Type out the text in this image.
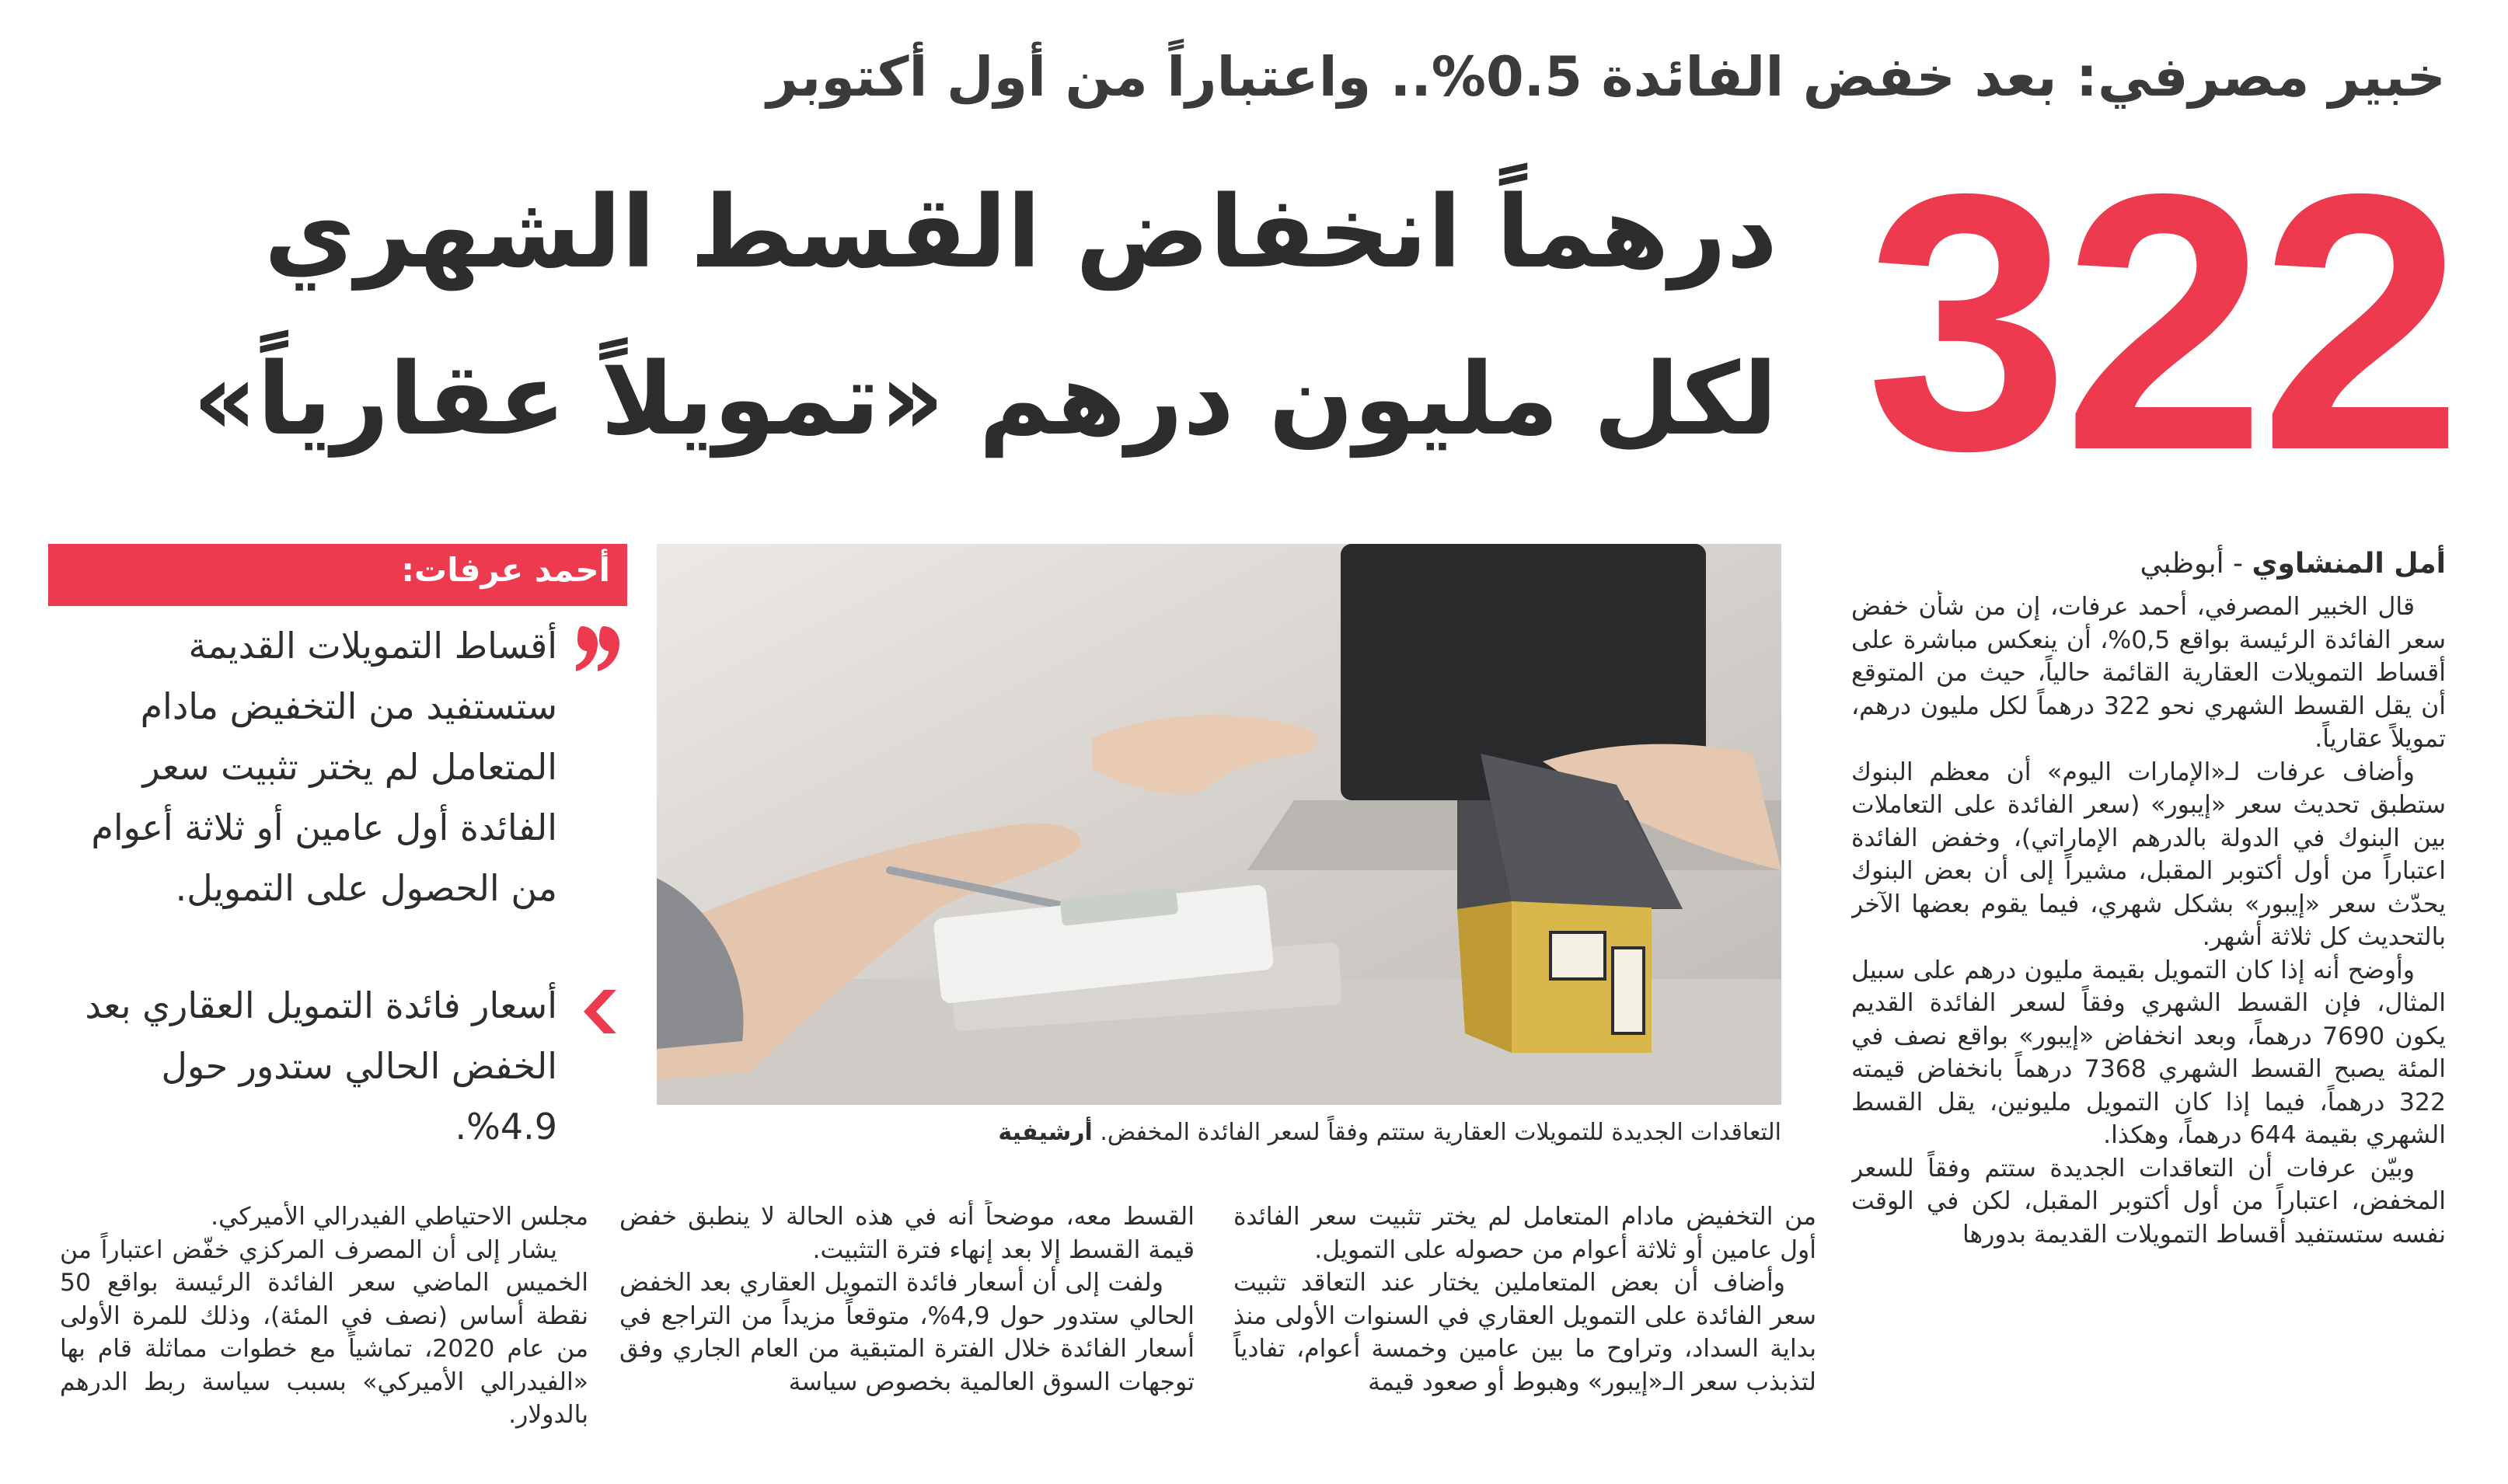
خبير مصرفي: بعد خفض الفائدة 0.5%.. واعتباراً من أول أكتوبر
322
درهماً انخفاض القسط الشهري
لكل مليون درهم «تمويلاً عقارياً»
أمل المنشاوي - أبوظبي

قال الخبير المصرفي، أحمد عرفات، إن من شأن خفض سعر الفائدة الرئيسة بواقع 0,5%، أن ينعكس مباشرة على أقساط التمويلات العقارية القائمة حالياً، حيث من المتوقع أن يقل القسط الشهري نحو 322 درهماً لكل مليون درهم، تمويلاً عقارياً.

وأضاف عرفات لـ«الإمارات اليوم» أن معظم البنوك ستطبق تحديث سعر «إيبور» (سعر الفائدة على التعاملات بين البنوك في الدولة بالدرهم الإماراتي)، وخفض الفائدة اعتباراً من أول أكتوبر المقبل، مشيراً إلى أن بعض البنوك يحدّث سعر «إيبور» بشكل شهري، فيما يقوم بعضها الآخر بالتحديث كل ثلاثة أشهر.

وأوضح أنه إذا كان التمويل بقيمة مليون درهم على سبيل المثال، فإن القسط الشهري وفقاً لسعر الفائدة القديم يكون 7690 درهماً، وبعد انخفاض «إيبور» بواقع نصف في المئة يصبح القسط الشهري 7368 درهماً بانخفاض قيمته 322 درهماً، فيما إذا كان التمويل مليونين، يقل القسط الشهري بقيمة 644 درهماً، وهكذا.

وبيّن عرفات أن التعاقدات الجديدة ستتم وفقاً للسعر المخفض، اعتباراً من أول أكتوبر المقبل، لكن في الوقت نفسه ستستفيد أقساط التمويلات القديمة بدورها

التعاقدات الجديدة للتمويلات العقارية ستتم وفقاً لسعر الفائدة المخفض. أرشيفية
أحمد عرفات:
أقساط التمويلات القديمة ستستفيد من التخفيض مادام المتعامل لم يختر تثبيت سعر الفائدة أول عامين أو ثلاثة أعوام من الحصول على التمويل.
أسعار فائدة التمويل العقاري بعد الخفض الحالي ستدور حول 4.9%.

من التخفيض مادام المتعامل لم يختر تثبيت سعر الفائدة أول عامين أو ثلاثة أعوام من حصوله على التمويل.

وأضاف أن بعض المتعاملين يختار عند التعاقد تثبيت سعر الفائدة على التمويل العقاري في السنوات الأولى منذ بداية السداد، وتراوح ما بين عامين وخمسة أعوام، تفادياً لتذبذب سعر الـ«إيبور» وهبوط أو صعود قيمة

القسط معه، موضحاً أنه في هذه الحالة لا ينطبق خفض قيمة القسط إلا بعد إنهاء فترة التثبيت.

ولفت إلى أن أسعار فائدة التمويل العقاري بعد الخفض الحالي ستدور حول 4,9%، متوقعاً مزيداً من التراجع في أسعار الفائدة خلال الفترة المتبقية من العام الجاري وفق توجهات السوق العالمية بخصوص سياسة

مجلس الاحتياطي الفيدرالي الأميركي.

يشار إلى أن المصرف المركزي خفّض اعتباراً من الخميس الماضي سعر الفائدة الرئيسة بواقع 50 نقطة أساس (نصف في المئة)، وذلك للمرة الأولى من عام 2020، تماشياً مع خطوات مماثلة قام بها «الفيدرالي الأميركي» بسبب سياسة ربط الدرهم بالدولار.
